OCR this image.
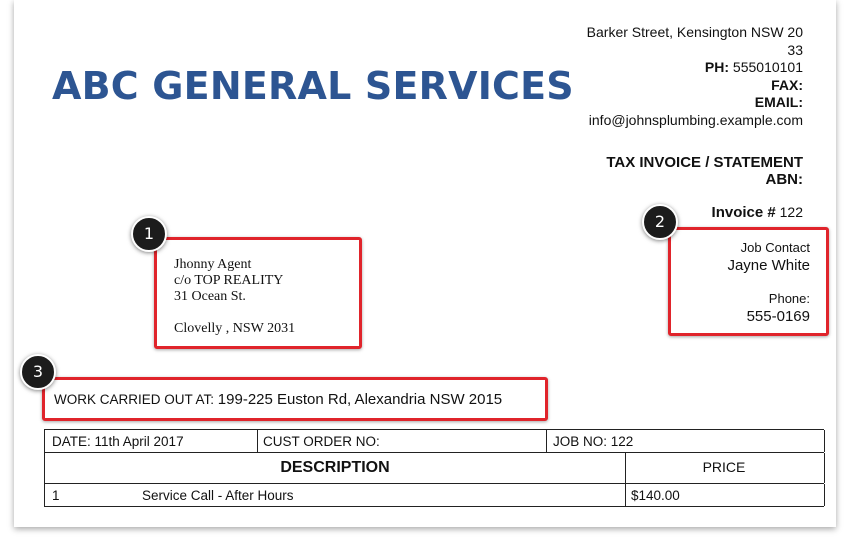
ABC GENERAL SERVICES
Barker Street, Kensington NSW 2033
PH: 555010101
FAX:
EMAIL:
info@johnsplumbing.example.com
TAX INVOICE / STATEMENT
ABN:
Invoice # 122
Jhonny Agent
c/o TOP REALITY
31 Ocean St.
Clovelly , NSW 2031
Job Contact
Jayne White
Phone:
555-0169
WORK CARRIED OUT AT: 199-225 Euston Rd, Alexandria NSW 2015
1
2
3
DATE: 11th April 2017	CUST ORDER NO:	JOB NO: 122
DESCRIPTION	PRICE
1	Service Call - After Hours	$140.00
